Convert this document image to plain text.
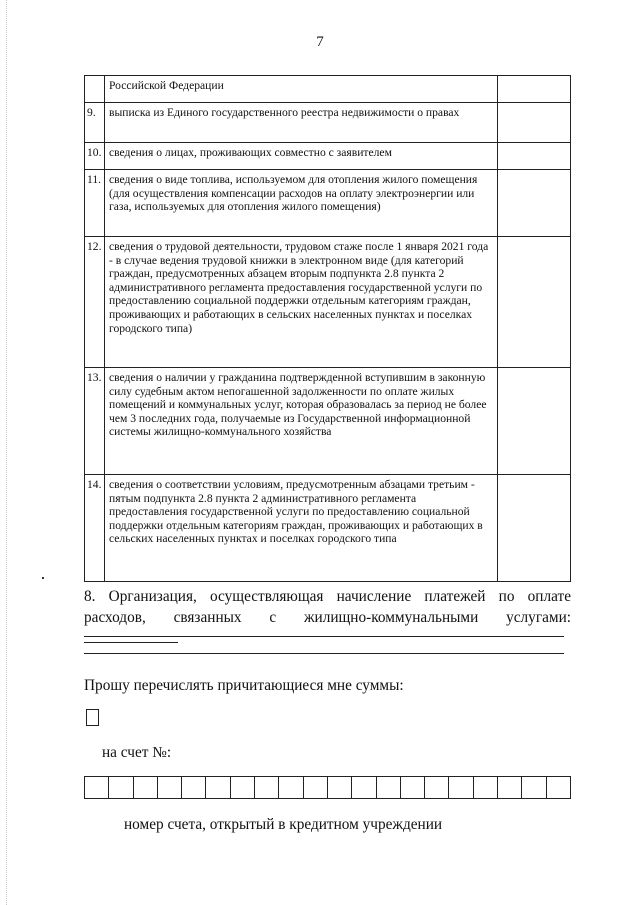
7
	Российской Федерации	
9.	выписка из Единого государственного реестра недвижимости о правах	
10.	сведения о лицах, проживающих совместно с заявителем	
11.	сведения о виде топлива, используемом для отопления жилого помещения (для осуществления компенсации расходов на оплату электроэнергии или газа, используемых для отопления жилого помещения)	
12.	сведения о трудовой деятельности, трудовом стаже после 1 января 2021 года - в случае ведения трудовой книжки в электронном виде (для категорий граждан, предусмотренных абзацем вторым подпункта 2.8 пункта 2 административного регламента предоставления государственной услуги по предоставлению социальной поддержки отдельным категориям граждан, проживающих и работающих в сельских населенных пунктах и поселках городского типа)	
13.	сведения о наличии у гражданина подтвержденной вступившим в законную силу судебным актом непогашенной задолженности по оплате жилых помещений и коммунальных услуг, которая образовалась за период не более чем 3 последних года, получаемые из Государственной информационной системы жилищно-коммунального хозяйства	
14.	сведения о соответствии условиям, предусмотренным абзацами третьим - пятым подпункта 2.8 пункта 2 административного регламента предоставления государственной услуги по предоставлению социальной поддержки отдельным категориям граждан, проживающих и работающих в сельских населенных пунктах и поселках городского типа	
8. Организация, осуществляющая начисление платежей по оплате
расходов, связанных с жилищно-коммунальными услугами:
Прошу перечислять причитающиеся мне суммы:
на счет №:
номер счета, открытый в кредитном учреждении
